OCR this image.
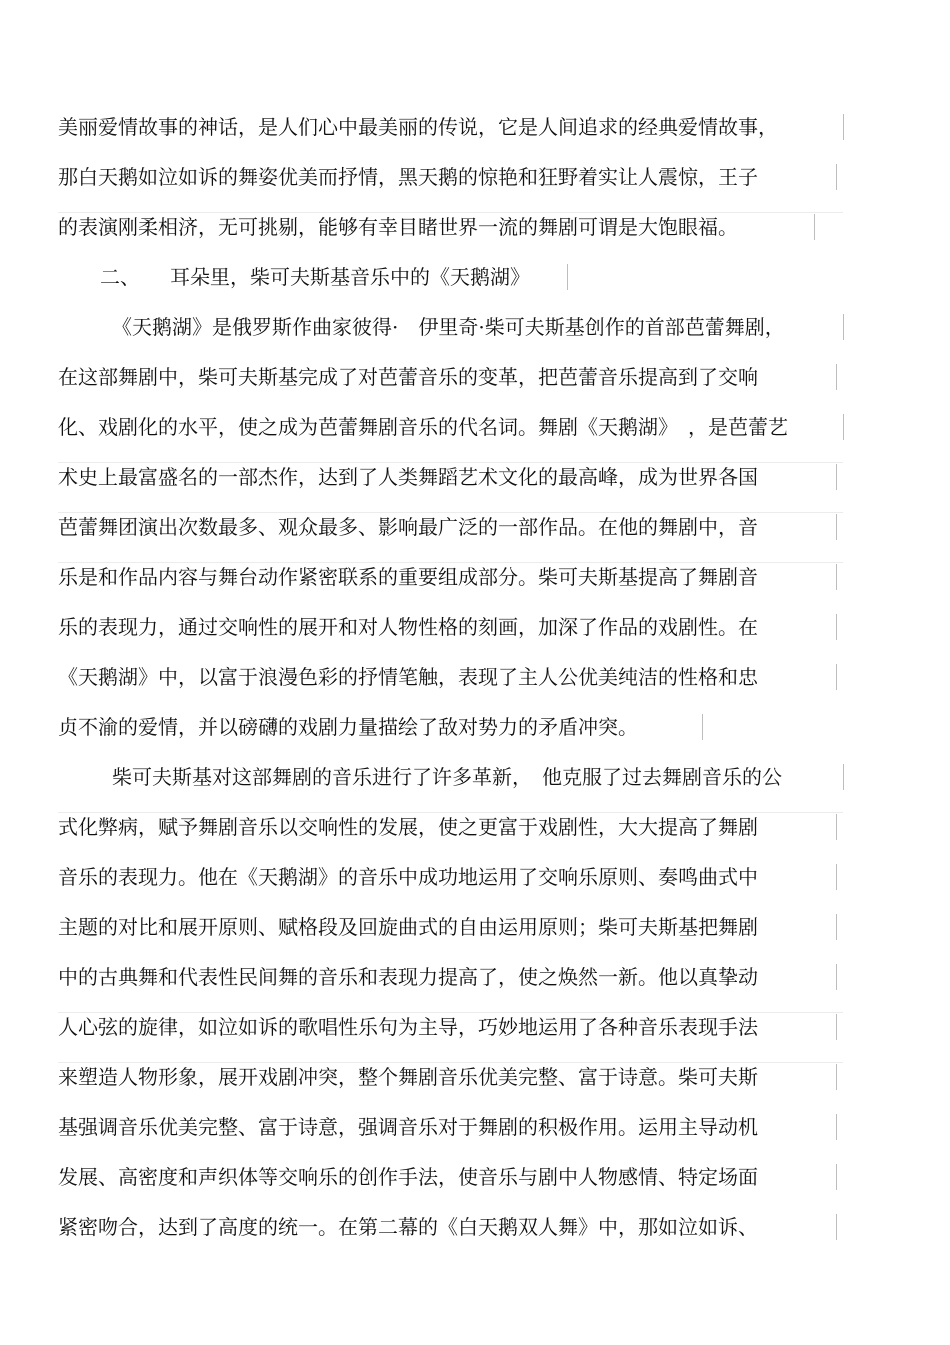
美丽爱情故事的神话，是人们心中最美丽的传说，它是人间追求的经典爱情故事，
那白天鹅如泣如诉的舞姿优美而抒情，黑天鹅的惊艳和狂野着实让人震惊，王子
的表演刚柔相济，无可挑剔，能够有幸目睹世界一流的舞剧可谓是大饱眼福。
二、　　耳朵里，柴可夫斯基音乐中的《天鹅湖》
《天鹅湖》是俄罗斯作曲家彼得·　伊里奇·柴可夫斯基创作的首部芭蕾舞剧，
在这部舞剧中，柴可夫斯基完成了对芭蕾音乐的变革，把芭蕾音乐提高到了交响
化、戏剧化的水平，使之成为芭蕾舞剧音乐的代名词。舞剧《天鹅湖》　，是芭蕾艺
术史上最富盛名的一部杰作，达到了人类舞蹈艺术文化的最高峰，成为世界各国
芭蕾舞团演出次数最多、观众最多、影响最广泛的一部作品。在他的舞剧中，音
乐是和作品内容与舞台动作紧密联系的重要组成部分。柴可夫斯基提高了舞剧音
乐的表现力，通过交响性的展开和对人物性格的刻画，加深了作品的戏剧性。在
《天鹅湖》中，以富于浪漫色彩的抒情笔触，表现了主人公优美纯洁的性格和忠
贞不渝的爱情，并以磅礴的戏剧力量描绘了敌对势力的矛盾冲突。
柴可夫斯基对这部舞剧的音乐进行了许多革新，　他克服了过去舞剧音乐的公
式化弊病，赋予舞剧音乐以交响性的发展，使之更富于戏剧性，大大提高了舞剧
音乐的表现力。他在《天鹅湖》的音乐中成功地运用了交响乐原则、奏鸣曲式中
主题的对比和展开原则、赋格段及回旋曲式的自由运用原则；柴可夫斯基把舞剧
中的古典舞和代表性民间舞的音乐和表现力提高了，使之焕然一新。他以真挚动
人心弦的旋律，如泣如诉的歌唱性乐句为主导，巧妙地运用了各种音乐表现手法
来塑造人物形象，展开戏剧冲突，整个舞剧音乐优美完整、富于诗意。柴可夫斯
基强调音乐优美完整、富于诗意，强调音乐对于舞剧的积极作用。运用主导动机
发展、高密度和声织体等交响乐的创作手法，使音乐与剧中人物感情、特定场面
紧密吻合，达到了高度的统一。在第二幕的《白天鹅双人舞》中，那如泣如诉、
